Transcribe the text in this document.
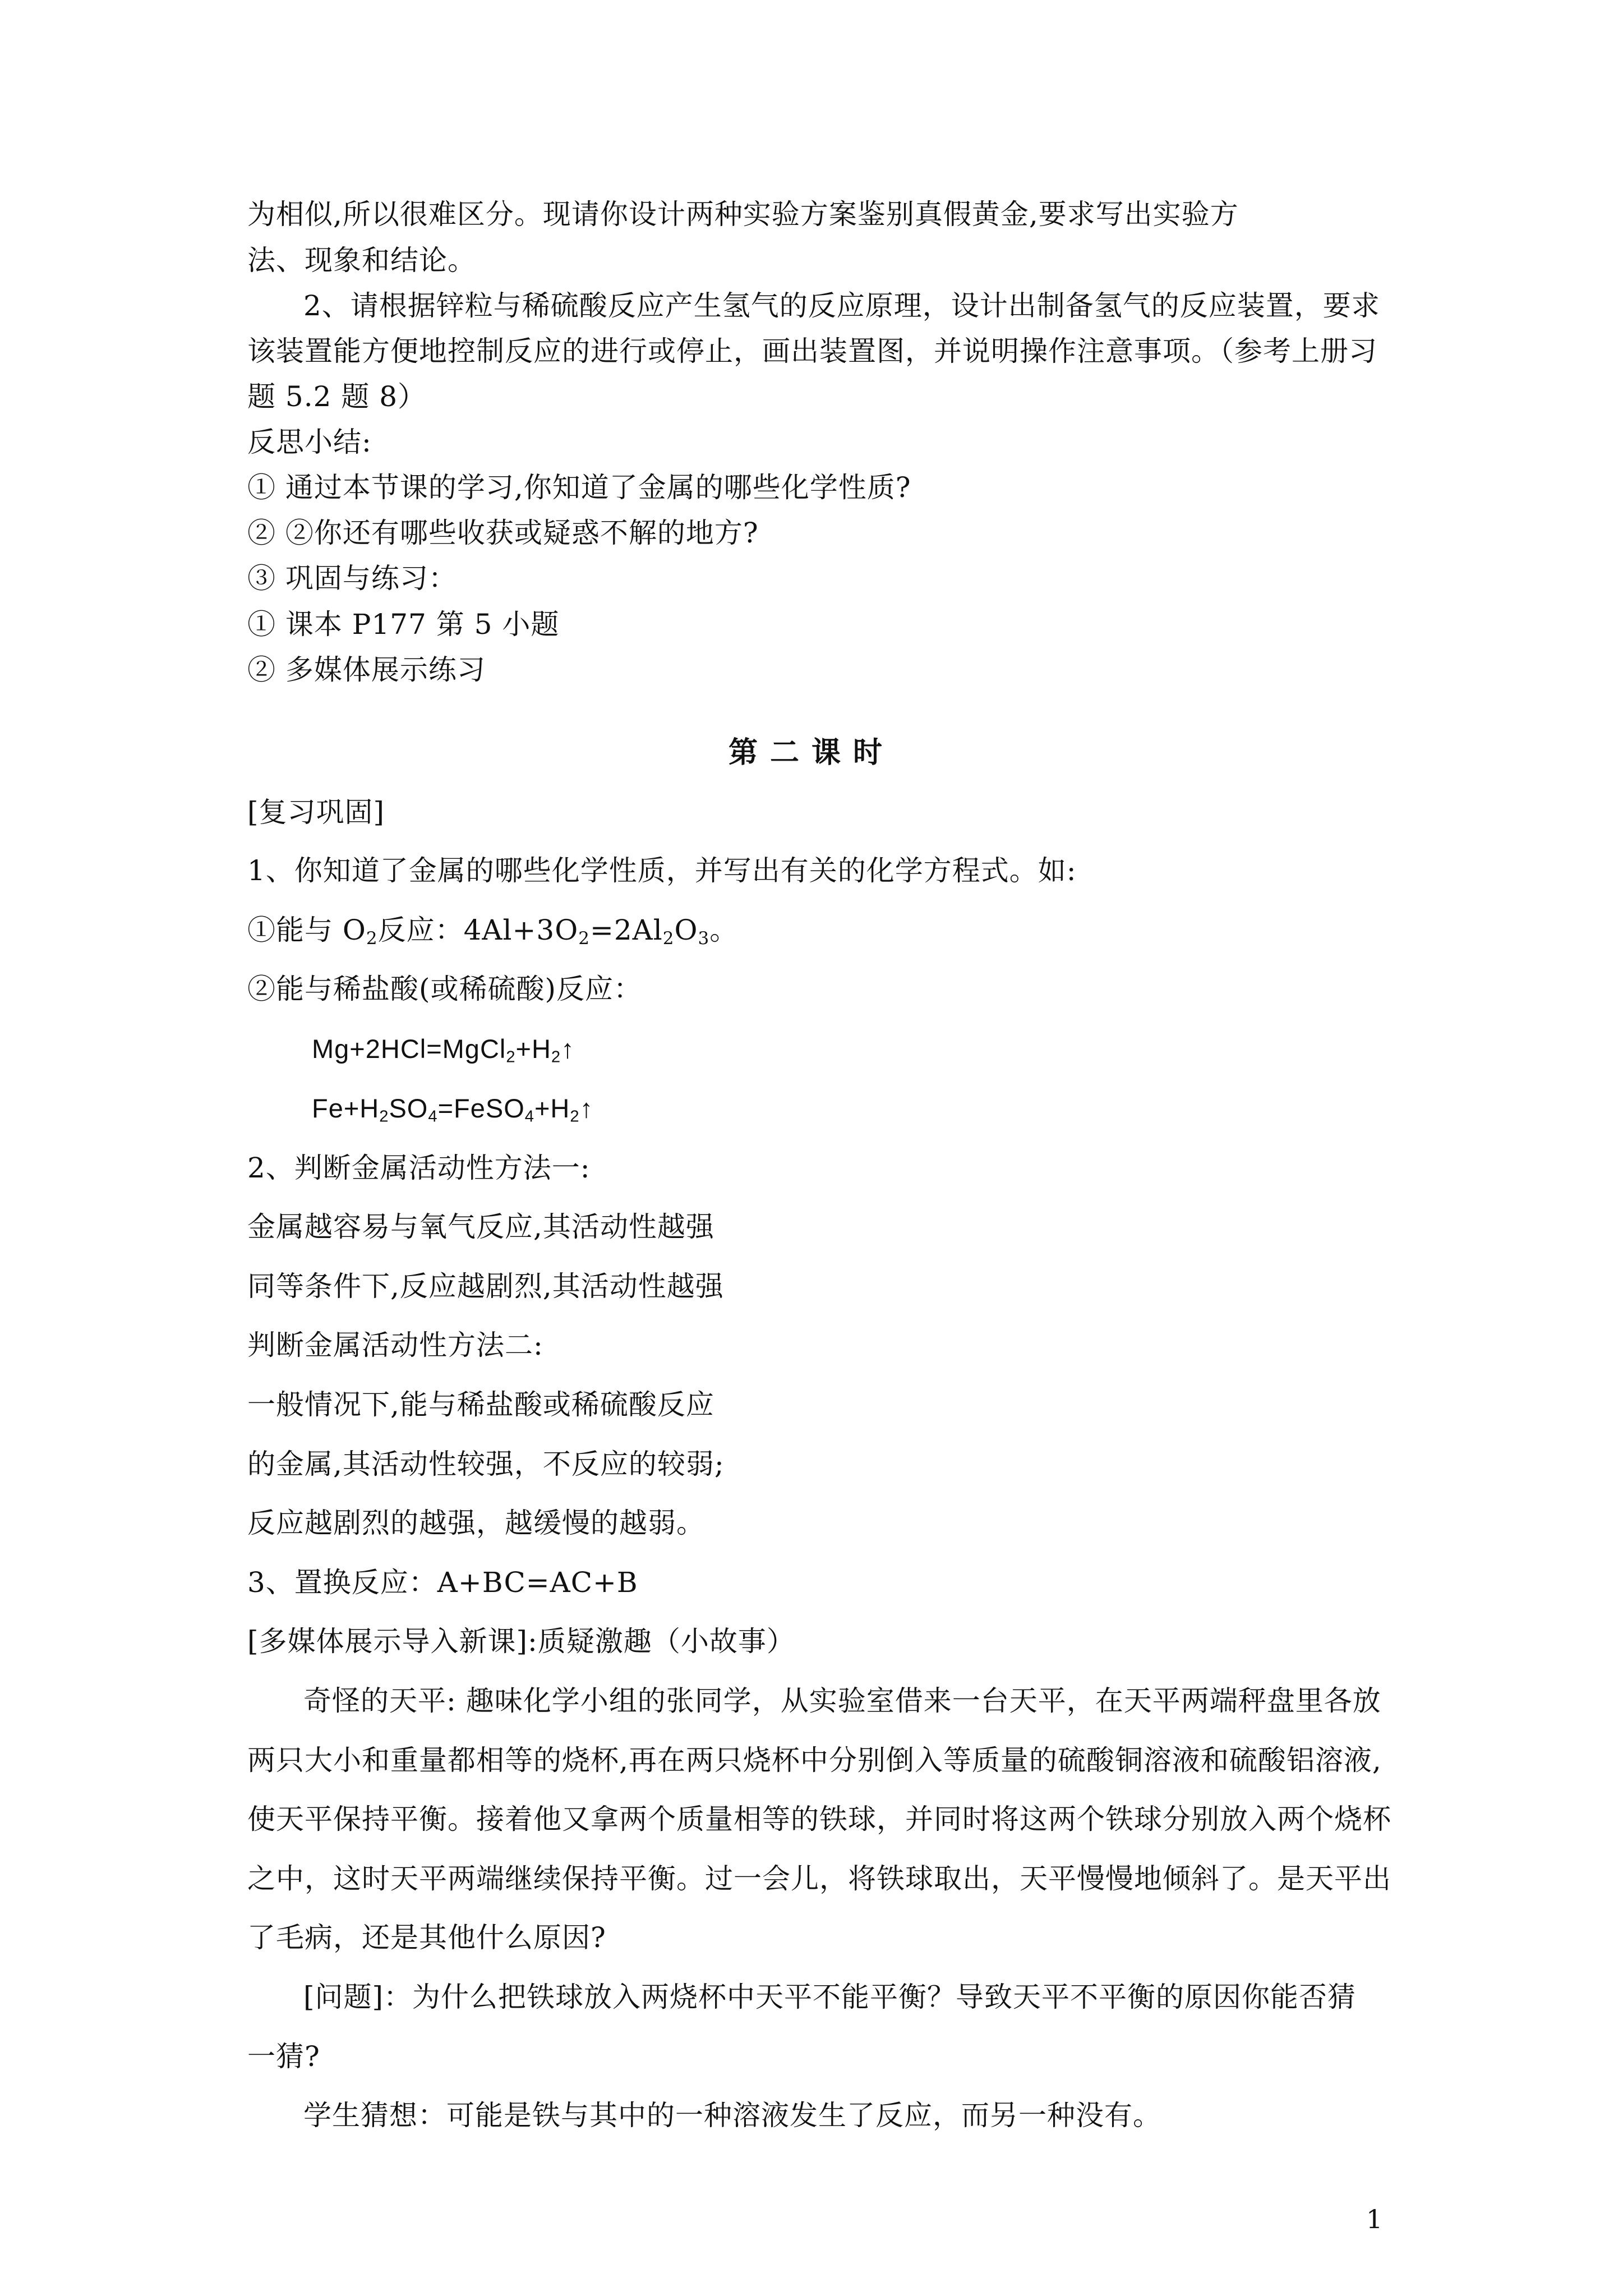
为相似,所以很难区分。现请你设计两种实验方案鉴别真假黄金,要求写出实验方

法、现象和结论。

2、请根据锌粒与稀硫酸反应产生氢气的反应原理，设计出制备氢气的反应装置，要求

该装置能方便地控制反应的进行或停止，画出装置图，并说明操作注意事项。（参考上册习

题 5.2 题 8）

反思小结:

① 通过本节课的学习,你知道了金属的哪些化学性质?

② ②你还有哪些收获或疑惑不解的地方?

③ 巩固与练习：

① 课本 P177 第 5 小题

② 多媒体展示练习

第二课时

[复习巩固]

1、你知道了金属的哪些化学性质，并写出有关的化学方程式。如:

①能与 $O_2$反应：$4Al+3O_2=2Al_2O_3$。

②能与稀盐酸(或稀硫酸)反应：

$Mg+2HCl=MgCl_2+H_2↑$

$Fe+H_2SO_4=FeSO_4+H_2↑$

2、判断金属活动性方法一:

金属越容易与氧气反应,其活动性越强

同等条件下,反应越剧烈,其活动性越强

判断金属活动性方法二:

一般情况下,能与稀盐酸或稀硫酸反应

的金属,其活动性较强，不反应的较弱;

反应越剧烈的越强，越缓慢的越弱。

3、置换反应：A+BC=AC+B

[多媒体展示导入新课]:质疑激趣（小故事）

奇怪的天平: 趣味化学小组的张同学，从实验室借来一台天平，在天平两端秤盘里各放

两只大小和重量都相等的烧杯,再在两只烧杯中分别倒入等质量的硫酸铜溶液和硫酸铝溶液,

使天平保持平衡。接着他又拿两个质量相等的铁球，并同时将这两个铁球分别放入两个烧杯

之中，这时天平两端继续保持平衡。过一会儿，将铁球取出，天平慢慢地倾斜了。是天平出

了毛病，还是其他什么原因?

[问题]：为什么把铁球放入两烧杯中天平不能平衡？导致天平不平衡的原因你能否猜

一猜?

学生猜想：可能是铁与其中的一种溶液发生了反应，而另一种没有。

1
